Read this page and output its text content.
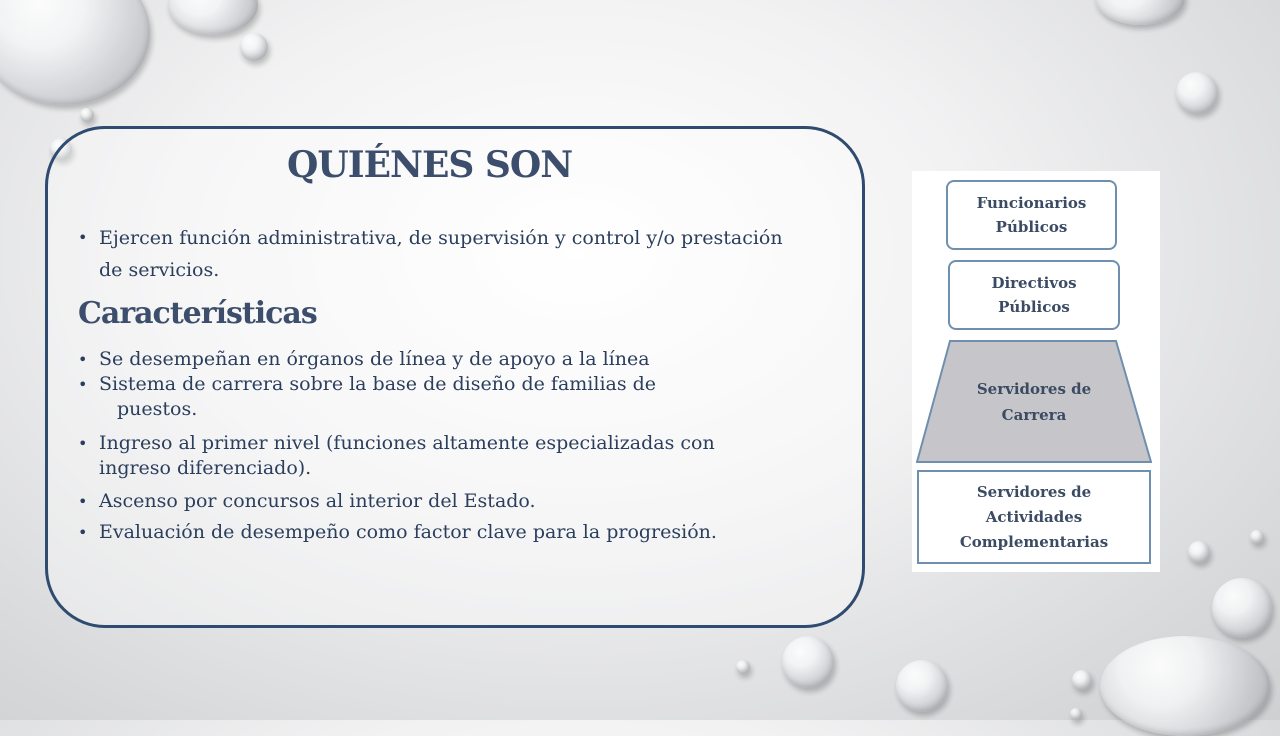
QUIÉNES SON
• Ejercen función administrativa, de supervisión y control y/o prestación de servicios.
Características
• Se desempeñan en órganos de línea y de apoyo a la línea
• Sistema de carrera sobre la base de diseño de familias de
puestos.
• Ingreso al primer nivel (funciones altamente especializadas con ingreso diferenciado).
• Ascenso por concursos al interior del Estado.
• Evaluación de desempeño como factor clave para la progresión.
Funcionarios
Públicos
Directivos
Públicos
Servidores de
Carrera
Servidores de
Actividades
Complementarias
